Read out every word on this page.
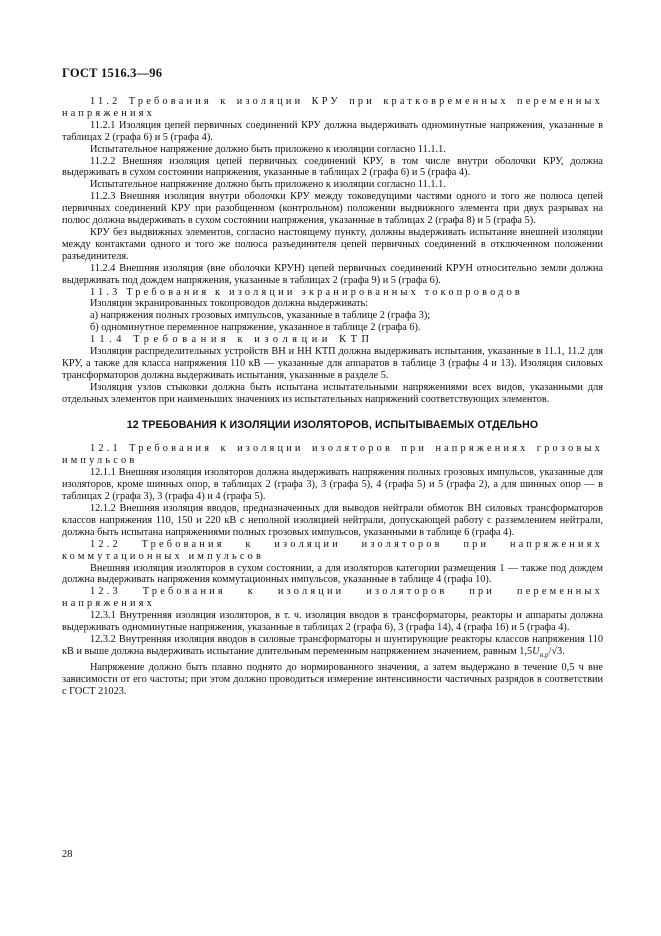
ГОСТ 1516.3—96

11.2 Требования к изоляции КРУ при кратковременных переменных напряжениях

11.2.1 Изоляция цепей первичных соединений КРУ должна выдерживать одноминутные напряжения, указанные в таблицах 2 (графа 6) и 5 (графа 4).

Испытательное напряжение должно быть приложено к изоляции согласно 11.1.1.

11.2.2 Внешняя изоляция цепей первичных соединений КРУ, в том числе внутри оболочки КРУ, должна выдерживать в сухом состоянии напряжения, указанные в таблицах 2 (графа 6) и 5 (графа 4).

Испытательное напряжение должно быть приложено к изоляции согласно 11.1.1.

11.2.3 Внешняя изоляция внутри оболочки КРУ между токоведущими частями одного и того же полюса цепей первичных соединений КРУ при разобщенном (контрольном) положении выдвижного элемента при двух разрывах на полюс должна выдерживать в сухом состоянии напряжения, указанные в таблицах 2 (графа 8) и 5 (графа 5).

КРУ без выдвижных элементов, согласно настоящему пункту, должны выдерживать испытание внешней изоляции между контактами одного и того же полюса разъединителя цепей первичных соединений в отключенном положении разъединителя.

11.2.4 Внешняя изоляция (вне оболочки КРУН) цепей первичных соединений КРУН относительно земли должна выдерживать под дождем напряжения, указанные в таблицах 2 (графа 9) и 5 (графа 6).

11.3 Требования к изоляции экранированных токопроводов

Изоляция экранированных токопроводов должна выдерживать:

а) напряжения полных грозовых импульсов, указанные в таблице 2 (графа 3);

б) одноминутное переменное напряжение, указанное в таблице 2 (графа 6).

11.4 Требования к изоляции КТП

Изоляция распределительных устройств ВН и НН КТП должна выдерживать испытания, указанные в 11.1, 11.2 для КРУ, а также для класса напряжения 110 кВ — указанные для аппаратов в таблице 3 (графы 4 и 13). Изоляция силовых трансформаторов должна выдерживать испытания, указанные в разделе 5.

Изоляция узлов стыковки должна быть испытана испытательными напряжениями всех видов, указанными для отдельных элементов при наименьших значениях из испытательных напряжений соответствующих элементов.

12 ТРЕБОВАНИЯ К ИЗОЛЯЦИИ ИЗОЛЯТОРОВ, ИСПЫТЫВАЕМЫХ ОТДЕЛЬНО

12.1 Требования к изоляции изоляторов при напряжениях грозовых импульсов

12.1.1 Внешняя изоляция изоляторов должна выдерживать напряжения полных грозовых импульсов, указанные для изоляторов, кроме шинных опор, в таблицах 2 (графа 3), 3 (графа 5), 4 (графа 5) и 5 (графа 2), а для шинных опор — в таблицах 2 (графа 3), 3 (графа 4) и 4 (графа 5).

12.1.2 Внешняя изоляция вводов, предназначенных для выводов нейтрали обмоток ВН силовых трансформаторов классов напряжения 110, 150 и 220 кВ с неполной изоляцией нейтрали, допускающей работу с разземлением нейтрали, должна быть испытана напряжениями полных грозовых импульсов, указанными в таблице 6 (графа 4).

12.2 Требования к изоляции изоляторов при напряжениях коммутационных импульсов

Внешняя изоляция изоляторов в сухом состоянии, а для изоляторов категории размещения 1 — также под дождем должна выдерживать напряжения коммутационных импульсов, указанные в таблице 4 (графа 10).

12.3 Требования к изоляции изоляторов при переменных напряжениях

12.3.1 Внутренняя изоляция изоляторов, в т. ч. изоляция вводов в трансформаторы, реакторы и аппараты должна выдерживать одноминутные напряжения, указанные в таблицах 2 (графа 6), 3 (графа 14), 4 (графа 16) и 5 (графа 4).

12.3.2 Внутренняя изоляция вводов в силовые трансформаторы и шунтирующие реакторы классов напряжения 110 кВ и выше должна выдерживать испытание длительным переменным напряжением значением, равным $1,5U_{н.р}/√3$.

Напряжение должно быть плавно поднято до нормированного значения, а затем выдержано в течение 0,5 ч вне зависимости от его частоты; при этом должно проводиться измерение интенсивности частичных разрядов в соответствии с ГОСТ 21023.

28
